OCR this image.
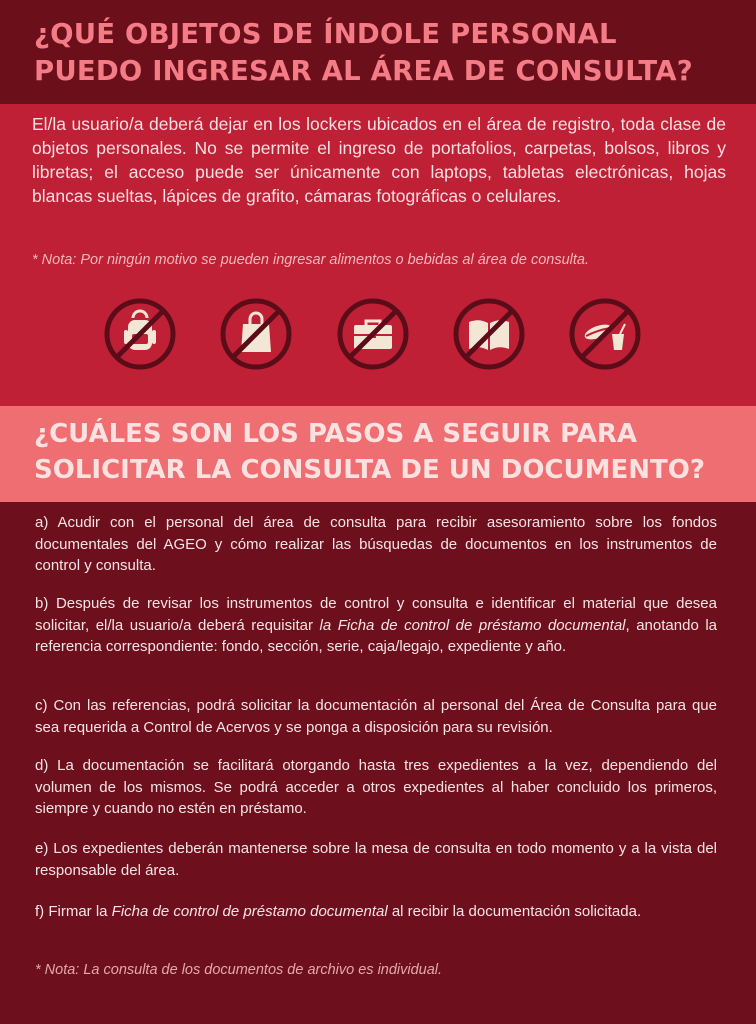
¿QUÉ OBJETOS DE ÍNDOLE PERSONAL PUEDO INGRESAR AL ÁREA DE CONSULTA?
El/la usuario/a deberá dejar en los lockers ubicados en el área de registro, toda clase de objetos personales. No se permite el ingreso de portafolios, carpetas, bolsos, libros y libretas; el acceso puede ser únicamente con laptops, tabletas electrónicas, hojas blancas sueltas, lápices de grafito, cámaras fotográficas o celulares.
* Nota: Por ningún motivo se pueden ingresar alimentos o bebidas al área de consulta.
¿CUÁLES SON LOS PASOS A SEGUIR PARA SOLICITAR LA CONSULTA DE UN DOCUMENTO?
a) Acudir con el personal del área de consulta para recibir asesoramiento sobre los fondos documentales del AGEO y cómo realizar las búsquedas de documentos en los instrumentos de control y consulta.
b) Después de revisar los instrumentos de control y consulta e identificar el material que desea solicitar, el/la usuario/a deberá requisitar la Ficha de control de préstamo documental, anotando la referencia correspondiente: fondo, sección, serie, caja/legajo, expediente y año.
c) Con las referencias, podrá solicitar la documentación al personal del Área de Consulta para que sea requerida a Control de Acervos y se ponga a disposición para su revisión.
d) La documentación se facilitará otorgando hasta tres expedientes a la vez, dependiendo del volumen de los mismos. Se podrá acceder a otros expedientes al haber concluido los primeros, siempre y cuando no estén en préstamo.
e) Los expedientes deberán mantenerse sobre la mesa de consulta en todo momento y a la vista del responsable del área.
f) Firmar la Ficha de control de préstamo documental al recibir la documentación solicitada.
* Nota: La consulta de los documentos de archivo es individual.
